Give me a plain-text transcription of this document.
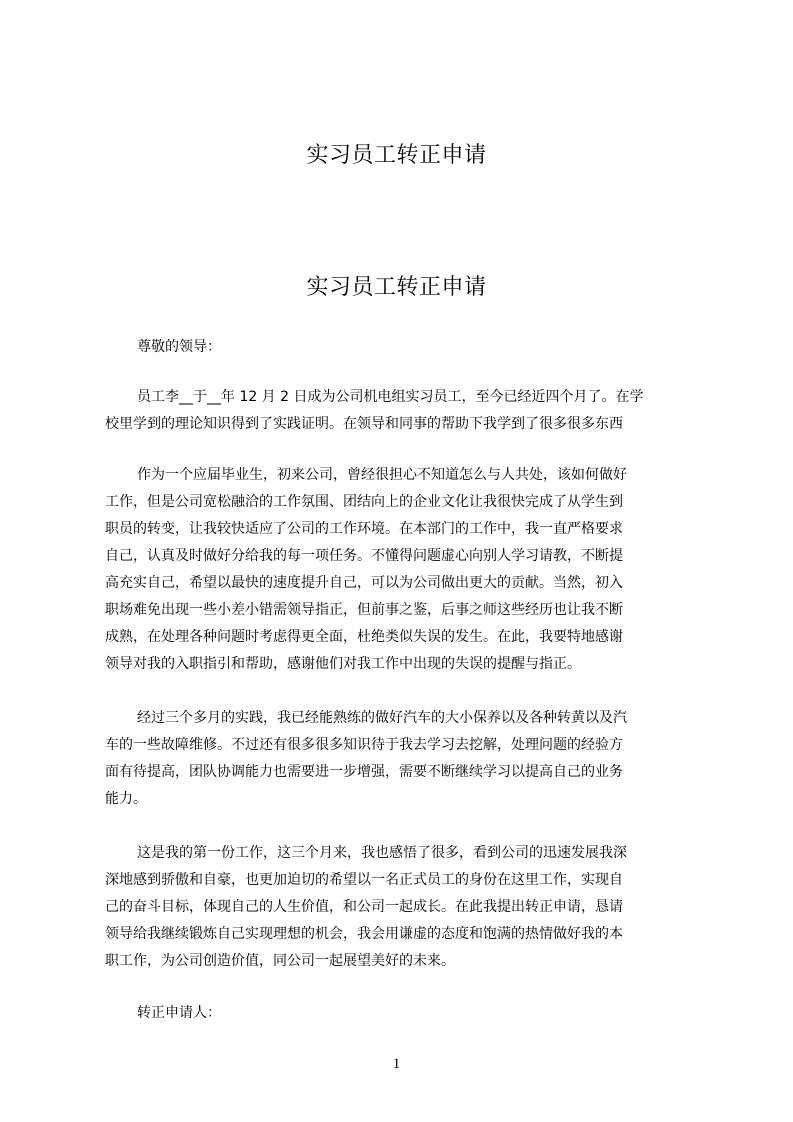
实习员工转正申请
实习员工转正申请
尊敬的领导：
员工李__于__年 12 月 2 日成为公司机电组实习员工，至今已经近四个月了。在学
校里学到的理论知识得到了实践证明。在领导和同事的帮助下我学到了很多很多东西
作为一个应届毕业生，初来公司，曾经很担心不知道怎么与人共处，该如何做好
工作，但是公司宽松融洽的工作氛围、团结向上的企业文化让我很快完成了从学生到
职员的转变，让我较快适应了公司的工作环境。在本部门的工作中，我一直严格要求
自己，认真及时做好分给我的每一项任务。不懂得问题虚心向别人学习请教，不断提
高充实自己，希望以最快的速度提升自己，可以为公司做出更大的贡献。当然，初入
职场难免出现一些小差小错需领导指正，但前事之鉴，后事之师这些经历也让我不断
成熟，在处理各种问题时考虑得更全面，杜绝类似失误的发生。在此，我要特地感谢
领导对我的入职指引和帮助，感谢他们对我工作中出现的失误的提醒与指正。
经过三个多月的实践，我已经能熟练的做好汽车的大小保养以及各种转黄以及汽
车的一些故障维修。不过还有很多很多知识待于我去学习去挖解，处理问题的经验方
面有待提高，团队协调能力也需要进一步增强，需要不断继续学习以提高自己的业务
能力。
这是我的第一份工作，这三个月来，我也感悟了很多，看到公司的迅速发展我深
深地感到骄傲和自豪，也更加迫切的希望以一名正式员工的身份在这里工作，实现自
己的奋斗目标，体现自己的人生价值，和公司一起成长。在此我提出转正申请，恳请
领导给我继续锻炼自己实现理想的机会，我会用谦虚的态度和饱满的热情做好我的本
职工作，为公司创造价值，同公司一起展望美好的未来。
转正申请人：
1
